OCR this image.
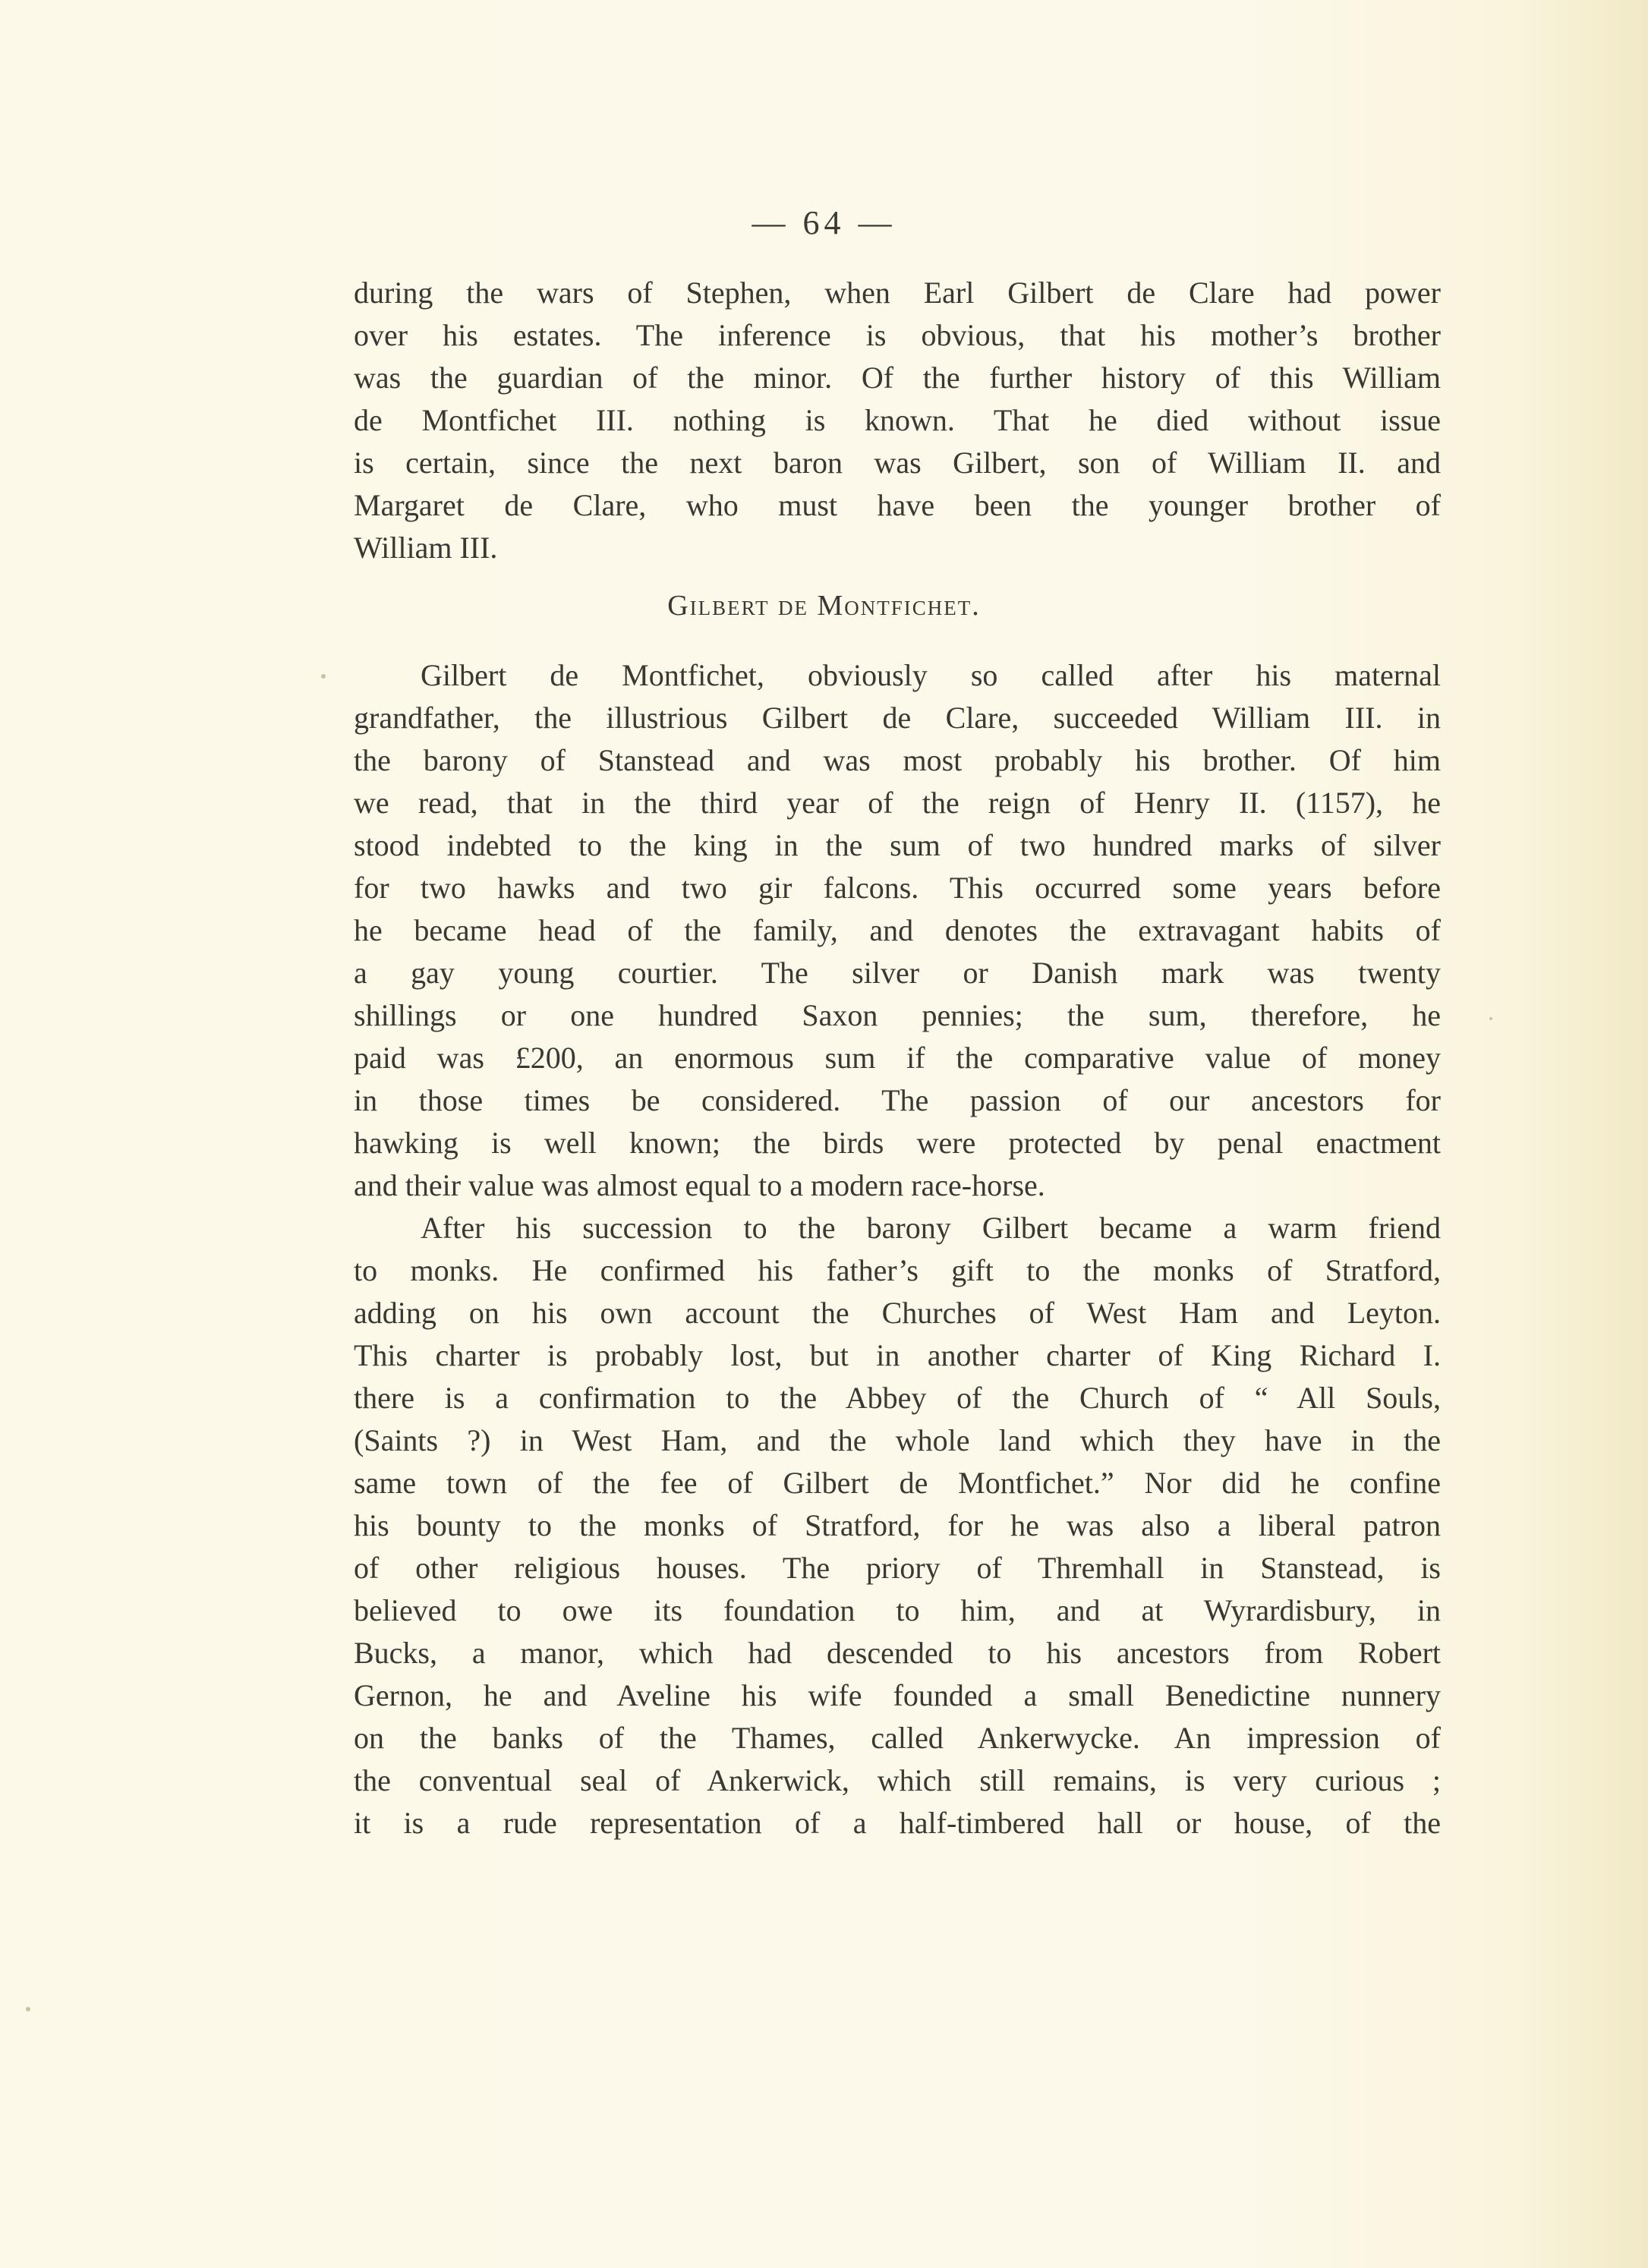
— 64 —
during the wars of Stephen, when Earl Gilbert de Clare had power
over his estates. The inference is obvious, that his mother’s brother
was the guardian of the minor. Of the further history of this William
de Montfichet III. nothing is known. That he died without issue
is certain, since the next baron was Gilbert, son of William II. and
Margaret de Clare, who must have been the younger brother of
William III.
Gilbert de Montfichet.
Gilbert de Montfichet, obviously so called after his maternal
grandfather, the illustrious Gilbert de Clare, succeeded William III. in
the barony of Stanstead and was most probably his brother. Of him
we read, that in the third year of the reign of Henry II. (1157), he
stood indebted to the king in the sum of two hundred marks of silver
for two hawks and two gir falcons. This occurred some years before
he became head of the family, and denotes the extravagant habits of
a gay young courtier. The silver or Danish mark was twenty
shillings or one hundred Saxon pennies; the sum, therefore, he
paid was £200, an enormous sum if the comparative value of money
in those times be considered. The passion of our ancestors for
hawking is well known; the birds were protected by penal enactment
and their value was almost equal to a modern race-horse.
After his succession to the barony Gilbert became a warm friend
to monks. He confirmed his father’s gift to the monks of Stratford,
adding on his own account the Churches of West Ham and Leyton.
This charter is probably lost, but in another charter of King Richard I.
there is a confirmation to the Abbey of the Church of “ All Souls,
(Saints ?) in West Ham, and the whole land which they have in the
same town of the fee of Gilbert de Montfichet.” Nor did he confine
his bounty to the monks of Stratford, for he was also a liberal patron
of other religious houses. The priory of Thremhall in Stanstead, is
believed to owe its foundation to him, and at Wyrardisbury, in
Bucks, a manor, which had descended to his ancestors from Robert
Gernon, he and Aveline his wife founded a small Benedictine nunnery
on the banks of the Thames, called Ankerwycke. An impression of
the conventual seal of Ankerwick, which still remains, is very curious ;
it is a rude representation of a half-timbered hall or house, of the
